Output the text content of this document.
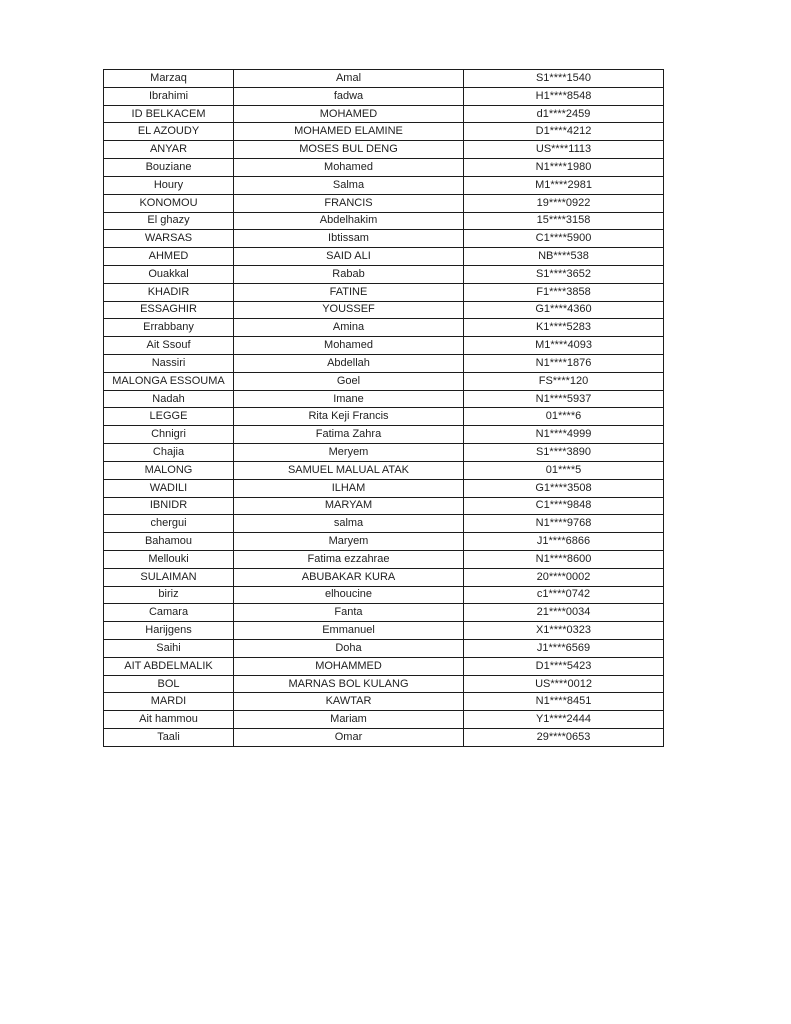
Marzaq	Amal	S1****1540
Ibrahimi	fadwa	H1****8548
ID BELKACEM	MOHAMED	d1****2459
EL AZOUDY	MOHAMED ELAMINE	D1****4212
ANYAR	MOSES BUL DENG	US****1113
Bouziane	Mohamed	N1****1980
Houry	Salma	M1****2981
KONOMOU	FRANCIS	19****0922
El ghazy	Abdelhakim	15****3158
WARSAS	Ibtissam	C1****5900
AHMED	SAID ALI	NB****538
Ouakkal	Rabab	S1****3652
KHADIR	FATINE	F1****3858
ESSAGHIR	YOUSSEF	G1****4360
Errabbany	Amina	K1****5283
Ait Ssouf	Mohamed	M1****4093
Nassiri	Abdellah	N1****1876
MALONGA ESSOUMA	Goel	FS****120
Nadah	Imane	N1****5937
LEGGE	Rita Keji Francis	01****6
Chnigri	Fatima Zahra	N1****4999
Chajia	Meryem	S1****3890
MALONG	SAMUEL MALUAL ATAK	01****5
WADILI	ILHAM	G1****3508
IBNIDR	MARYAM	C1****9848
chergui	salma	N1****9768
Bahamou	Maryem	J1****6866
Mellouki	Fatima ezzahrae	N1****8600
SULAIMAN	ABUBAKAR KURA	20****0002
biriz	elhoucine	c1****0742
Camara	Fanta	21****0034
Harijgens	Emmanuel	X1****0323
Saihi	Doha	J1****6569
AIT ABDELMALIK	MOHAMMED	D1****5423
BOL	MARNAS BOL KULANG	US****0012
MARDI	KAWTAR	N1****8451
Ait hammou	Mariam	Y1****2444
Taali	Omar	29****0653
